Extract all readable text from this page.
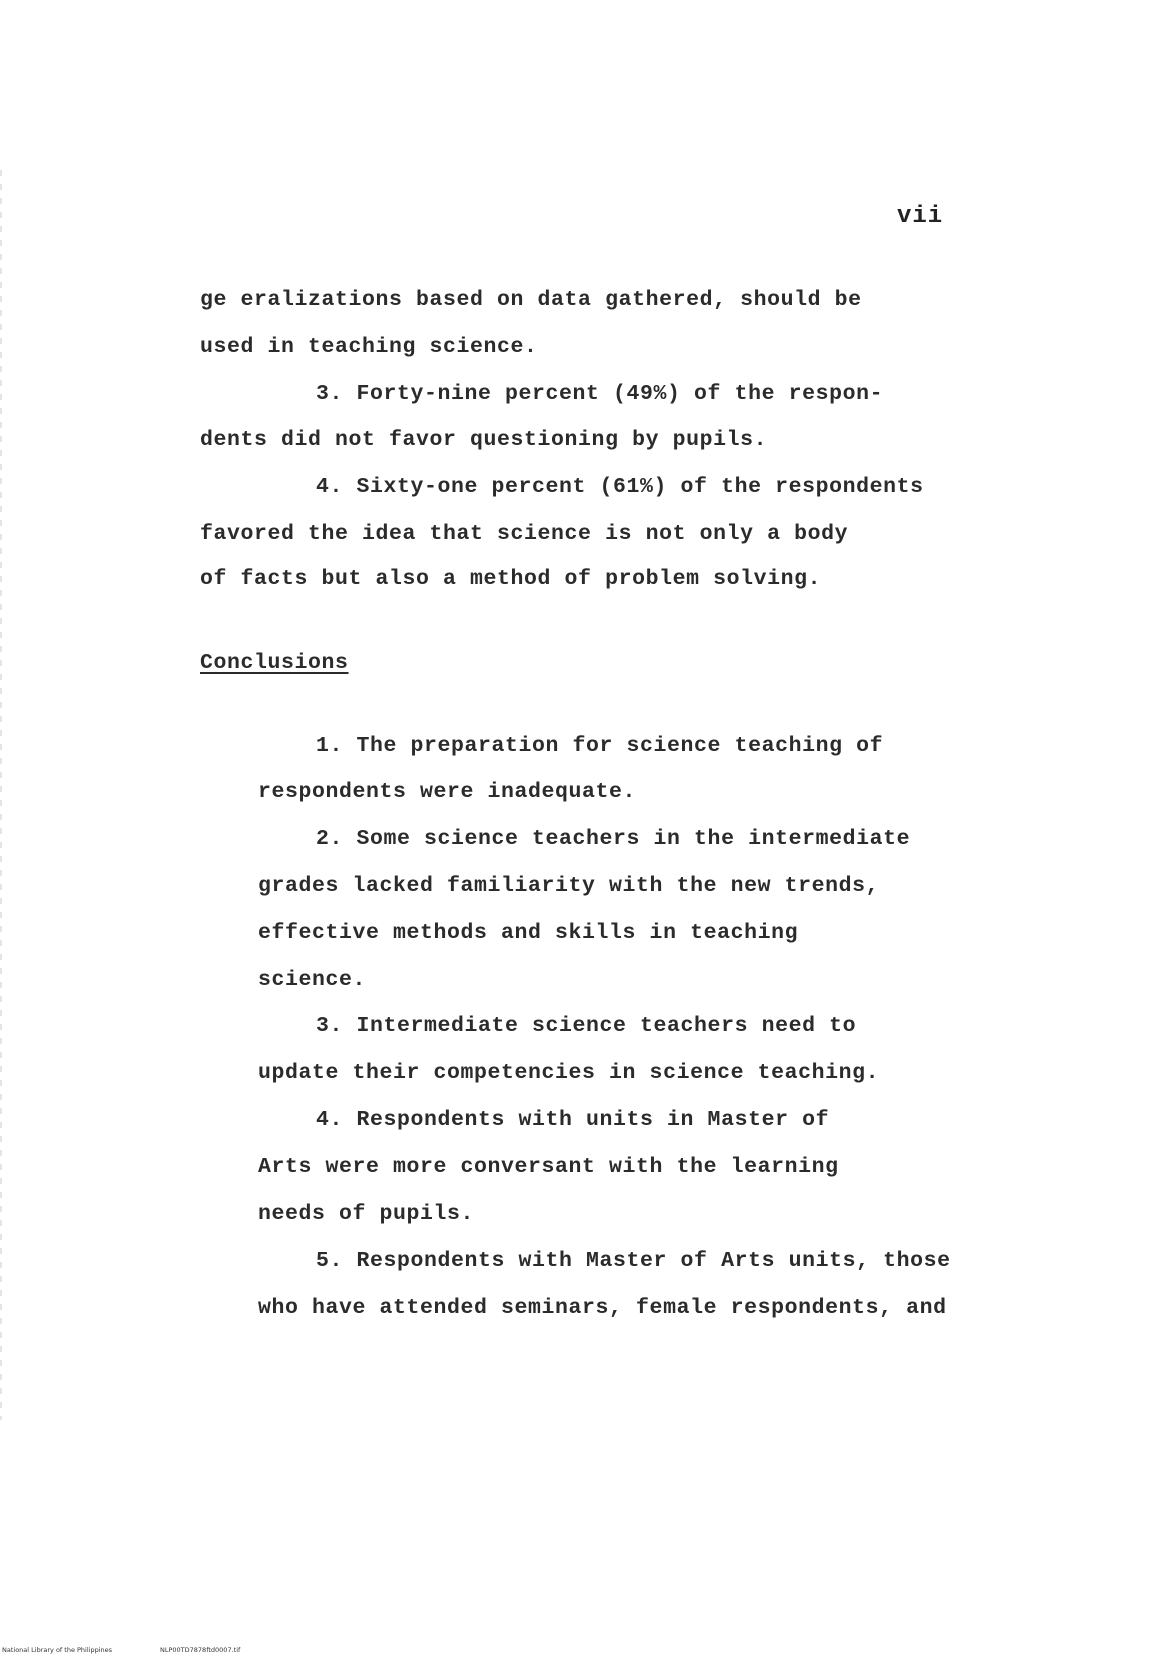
vii
ge eralizations based on data gathered, should be
used in teaching science.
3. Forty-nine percent (49%) of the respon-
dents did not favor questioning by pupils.
4. Sixty-one percent (61%) of the respondents
favored the idea that science is not only a body
of facts but also a method of problem solving.
Conclusions
1. The preparation for science teaching of
respondents were inadequate.
2. Some science teachers in the intermediate
grades lacked familiarity with the new trends,
effective methods and skills in teaching
science.
3. Intermediate science teachers need to
update their competencies in science teaching.
4. Respondents with units in Master of
Arts were more conversant with the learning
needs of pupils.
5. Respondents with Master of Arts units, those
who have attended seminars, female respondents, and
National Library of the Philippines	NLP00TD7878ftd0007.tif
